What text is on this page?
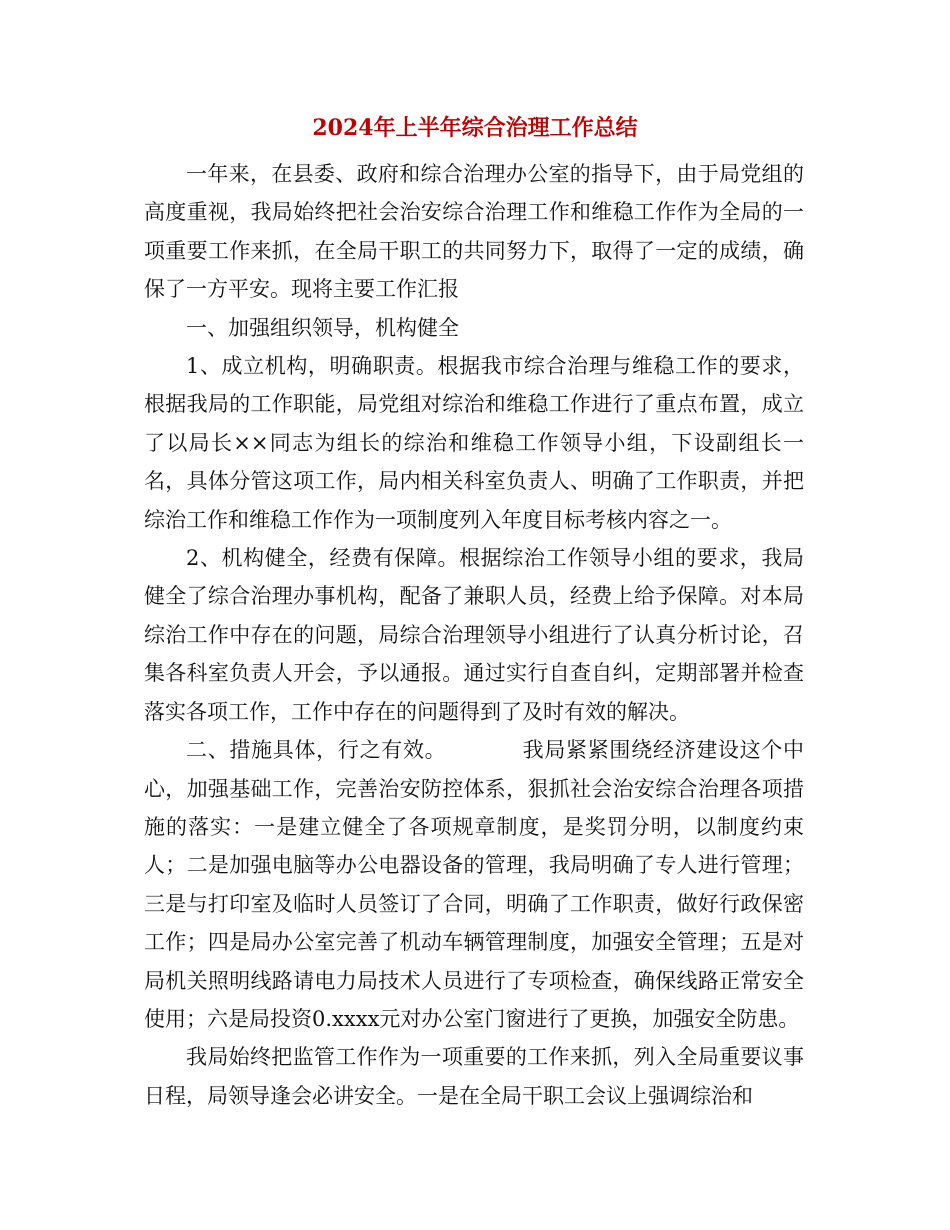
2024年上半年综合治理工作总结

一年来，在县委、政府和综合治理办公室的指导下，由于局党组的高度重视，我局始终把社会治安综合治理工作和维稳工作作为全局的一项重要工作来抓，在全局干职工的共同努力下，取得了一定的成绩，确保了一方平安。现将主要工作汇报

一、加强组织领导，机构健全

1、成立机构，明确职责。根据我市综合治理与维稳工作的要求，根据我局的工作职能，局党组对综治和维稳工作进行了重点布置，成立了以局长××同志为组长的综治和维稳工作领导小组，下设副组长一名，具体分管这项工作，局内相关科室负责人、明确了工作职责，并把综治工作和维稳工作作为一项制度列入年度目标考核内容之一。

2、机构健全，经费有保障。根据综治工作领导小组的要求，我局健全了综合治理办事机构，配备了兼职人员，经费上给予保障。对本局综治工作中存在的问题，局综合治理领导小组进行了认真分析讨论，召集各科室负责人开会，予以通报。通过实行自查自纠，定期部署并检查落实各项工作，工作中存在的问题得到了及时有效的解决。

二、措施具体，行之有效。　　　　我局紧紧围绕经济建设这个中心，加强基础工作，完善治安防控体系，狠抓社会治安综合治理各项措施的落实：一是建立健全了各项规章制度，是奖罚分明，以制度约束人；二是加强电脑等办公电器设备的管理，我局明确了专人进行管理；三是与打印室及临时人员签订了合同，明确了工作职责，做好行政保密工作；四是局办公室完善了机动车辆管理制度，加强安全管理；五是对局机关照明线路请电力局技术人员进行了专项检查，确保线路正常安全使用；六是局投资0.xxxx元对办公室门窗进行了更换，加强安全防患。

我局始终把监管工作作为一项重要的工作来抓，列入全局重要议事日程，局领导逢会必讲安全。一是在全局干职工会议上强调综治和
